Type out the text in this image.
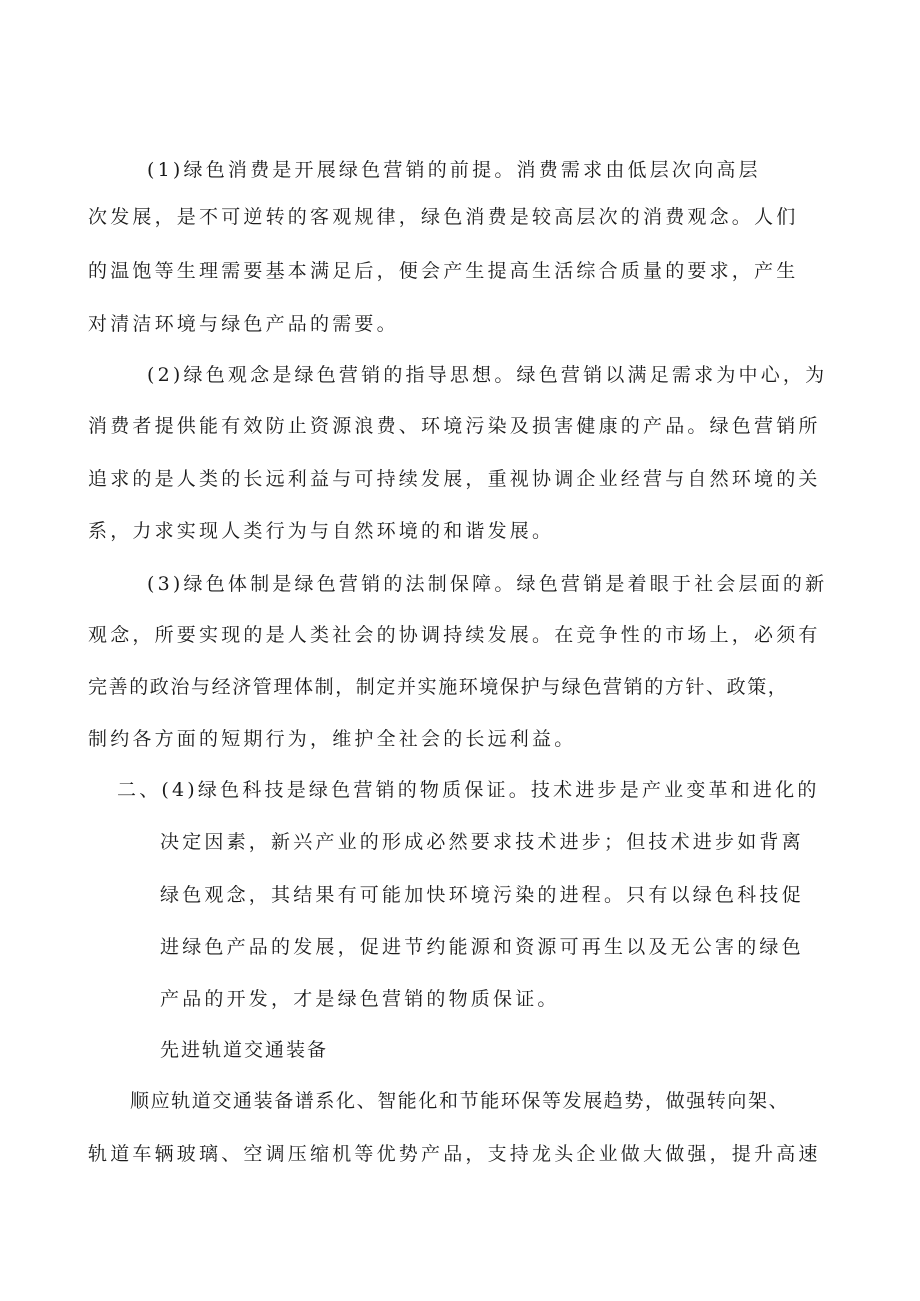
(1)绿色消费是开展绿色营销的前提。消费需求由低层次向高层
次发展，是不可逆转的客观规律，绿色消费是较高层次的消费观念。人们
的温饱等生理需要基本满足后，便会产生提高生活综合质量的要求，产生
对清洁环境与绿色产品的需要。
(2)绿色观念是绿色营销的指导思想。绿色营销以满足需求为中心，为
消费者提供能有效防止资源浪费、环境污染及损害健康的产品。绿色营销所
追求的是人类的长远利益与可持续发展，重视协调企业经营与自然环境的关
系，力求实现人类行为与自然环境的和谐发展。
(3)绿色体制是绿色营销的法制保障。绿色营销是着眼于社会层面的新
观念，所要实现的是人类社会的协调持续发展。在竞争性的市场上，必须有
完善的政治与经济管理体制，制定并实施环境保护与绿色营销的方针、政策，
制约各方面的短期行为，维护全社会的长远利益。
二、(4)绿色科技是绿色营销的物质保证。技术进步是产业变革和进化的
决定因素，新兴产业的形成必然要求技术进步；但技术进步如背离
绿色观念，其结果有可能加快环境污染的进程。只有以绿色科技促
进绿色产品的发展，促进节约能源和资源可再生以及无公害的绿色
产品的开发，才是绿色营销的物质保证。
先进轨道交通装备
顺应轨道交通装备谱系化、智能化和节能环保等发展趋势，做强转向架、
轨道车辆玻璃、空调压缩机等优势产品，支持龙头企业做大做强，提升高速
